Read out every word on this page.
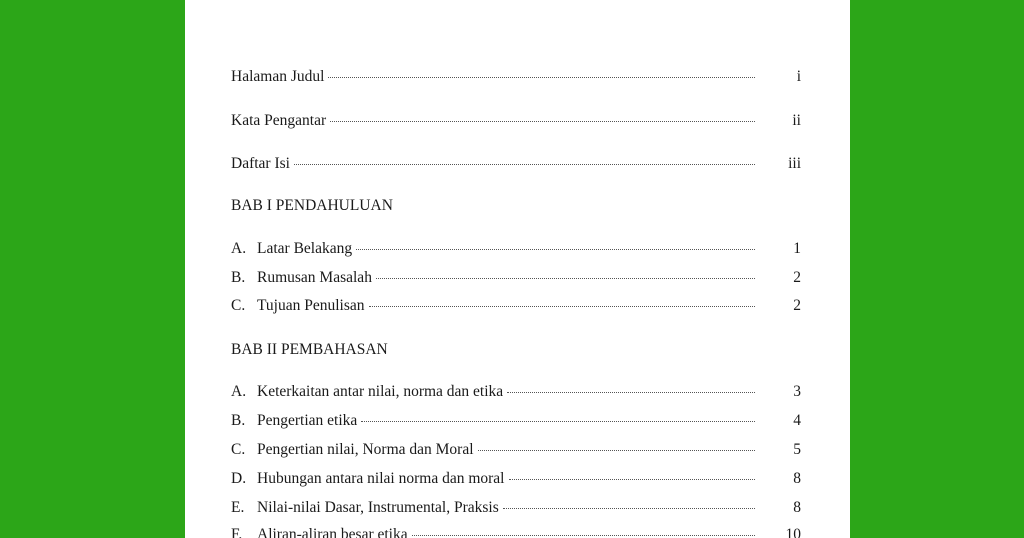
Halaman Judul	i
Kata Pengantar	ii
Daftar Isi	iii
BAB I PENDAHULUAN
A. Latar Belakang	1
B. Rumusan Masalah	2
C. Tujuan Penulisan	2
BAB II PEMBAHASAN
A. Keterkaitan antar nilai, norma dan etika	3
B. Pengertian etika	4
C. Pengertian nilai, Norma dan Moral	5
D. Hubungan antara nilai norma dan moral	8
E. Nilai-nilai Dasar, Instrumental, Praksis	8
F. Aliran-aliran besar etika	10
